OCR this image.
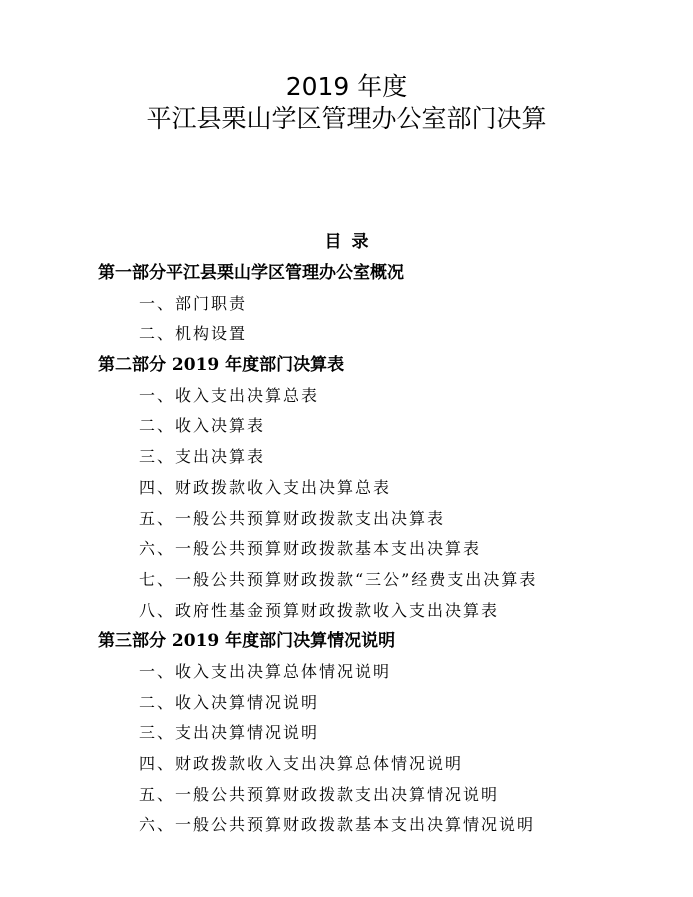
2019 年度
平江县栗山学区管理办公室部门决算
目录
第一部分平江县栗山学区管理办公室概况
一、部门职责
二、机构设置
第二部分 2019 年度部门决算表
一、收入支出决算总表
二、收入决算表
三、支出决算表
四、财政拨款收入支出决算总表
五、一般公共预算财政拨款支出决算表
六、一般公共预算财政拨款基本支出决算表
七、一般公共预算财政拨款“三公”经费支出决算表
八、政府性基金预算财政拨款收入支出决算表
第三部分 2019 年度部门决算情况说明
一、收入支出决算总体情况说明
二、收入决算情况说明
三、支出决算情况说明
四、财政拨款收入支出决算总体情况说明
五、一般公共预算财政拨款支出决算情况说明
六、一般公共预算财政拨款基本支出决算情况说明
